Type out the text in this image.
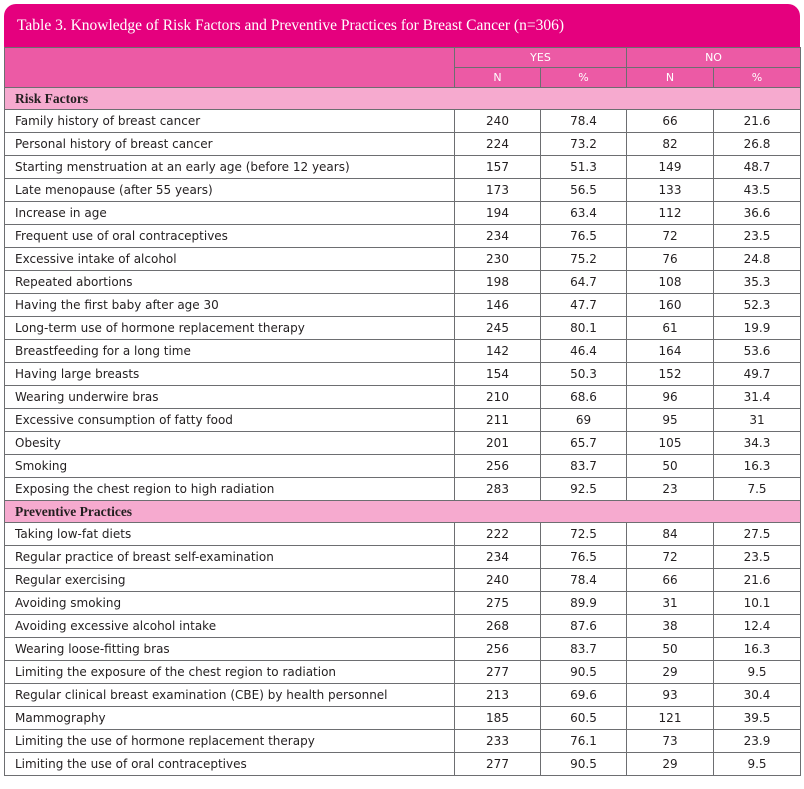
Table 3. Knowledge of Risk Factors and Preventive Practices for Breast Cancer (n=306)
	YES		NO	
	N	%	N	%
Risk Factors				
Family history of breast cancer	240	78.4	66	21.6
Personal history of breast cancer	224	73.2	82	26.8
Starting menstruation at an early age (before 12 years)	157	51.3	149	48.7
Late menopause (after 55 years)	173	56.5	133	43.5
Increase in age	194	63.4	112	36.6
Frequent use of oral contraceptives	234	76.5	72	23.5
Excessive intake of alcohol	230	75.2	76	24.8
Repeated abortions	198	64.7	108	35.3
Having the first baby after age 30	146	47.7	160	52.3
Long-term use of hormone replacement therapy	245	80.1	61	19.9
Breastfeeding for a long time	142	46.4	164	53.6
Having large breasts	154	50.3	152	49.7
Wearing underwire bras	210	68.6	96	31.4
Excessive consumption of fatty food	211	69	95	31
Obesity	201	65.7	105	34.3
Smoking	256	83.7	50	16.3
Exposing the chest region to high radiation	283	92.5	23	7.5
Preventive Practices				
Taking low-fat diets	222	72.5	84	27.5
Regular practice of breast self-examination	234	76.5	72	23.5
Regular exercising	240	78.4	66	21.6
Avoiding smoking	275	89.9	31	10.1
Avoiding excessive alcohol intake	268	87.6	38	12.4
Wearing loose-fitting bras	256	83.7	50	16.3
Limiting the exposure of the chest region to radiation	277	90.5	29	9.5
Regular clinical breast examination (CBE) by health personnel	213	69.6	93	30.4
Mammography	185	60.5	121	39.5
Limiting the use of hormone replacement therapy	233	76.1	73	23.9
Limiting the use of oral contraceptives	277	90.5	29	9.5
